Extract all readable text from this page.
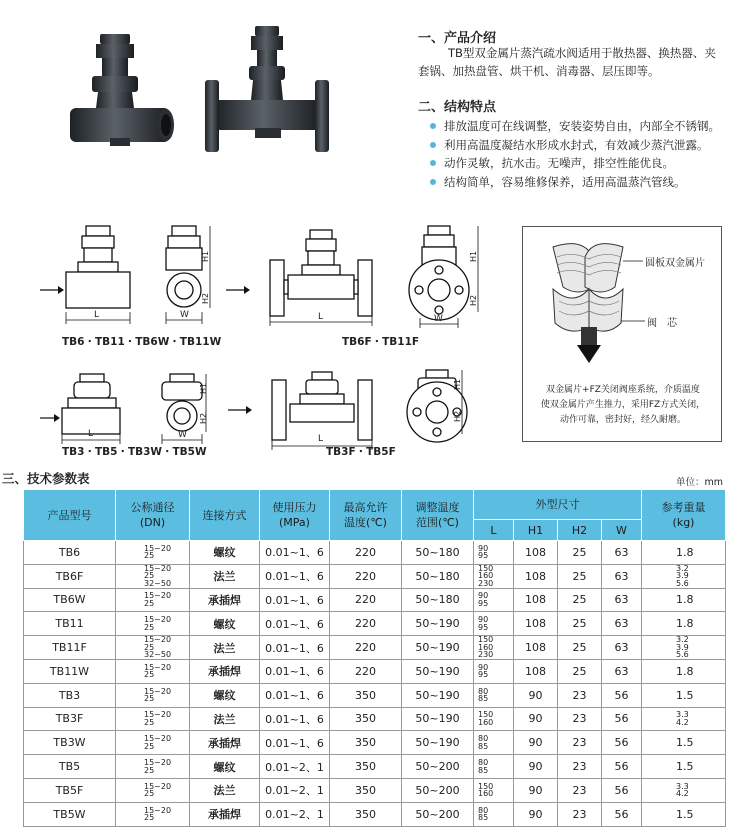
一、产品介绍
TB型双金属片蒸汽疏水阀适用于散热器、换热器、夹
套锅、加热盘管、烘干机、消毒器、层压即等。
二、结构特点
排放温度可在线调整，安装姿势自由，内部全不锈钢。
利用高温度凝结水形成水封式，有效减少蒸汽泄露。
动作灵敏，抗水击。无噪声，排空性能优良。
结构简单，容易维修保养，适用高温蒸汽管线。
L	W
H1
H2
L	W
H1
H2
L	W
H1
H2
L
H1
H2
TB6・TB11・TB6W・TB11W	TB6F・TB11F
TB3・TB5・TB3W・TB5W	TB3F・TB5F
圆板双金属片
阀　芯
双金属片+FZ关闭阀座系统，介质温度
使双金属片产生推力，采用FZ方式关闭，
动作可靠，密封好，经久耐磨。
三、技术参数表	单位：mm
产品型号	公称通径
(DN)	连接方式	使用压力
(MPa)	最高允许
温度(℃)	调整温度
范围(℃)	外型尺寸				参考重量
(kg)

						L	H1	H2	W	
TB6	15~20
25	螺纹	0.01~1、6	220	50~180	90
95	108	25	63	1.8

TB6F	15~20
25
32~50	法兰	0.01~1、6	220	50~180	150
160
230	108	25	63	3.2
3.9
5.6

TB6W	15~20
25	承插焊	0.01~1、6	220	50~180	90
95	108	25	63	1.8

TB11	15~20
25	螺纹	0.01~1、6	220	50~190	90
95	108	25	63	1.8

TB11F	15~20
25
32~50	法兰	0.01~1、6	220	50~190	150
160
230	108	25	63	3.2
3.9
5.6

TB11W	15~20
25	承插焊	0.01~1、6	220	50~190	90
95	108	25	63	1.8

TB3	15~20
25	螺纹	0.01~1、6	350	50~190	80
85	90	23	56	1.5

TB3F	15~20
25	法兰	0.01~1、6	350	50~190	150
160	90	23	56	3.3
4.2

TB3W	15~20
25	承插焊	0.01~1、6	350	50~190	80
85	90	23	56	1.5

TB5	15~20
25	螺纹	0.01~2、1	350	50~200	80
85	90	23	56	1.5

TB5F	15~20
25	法兰	0.01~2、1	350	50~200	150
160	90	23	56	3.3
4.2

TB5W	15~20
25	承插焊	0.01~2、1	350	50~200	80
85	90	23	56	1.5
